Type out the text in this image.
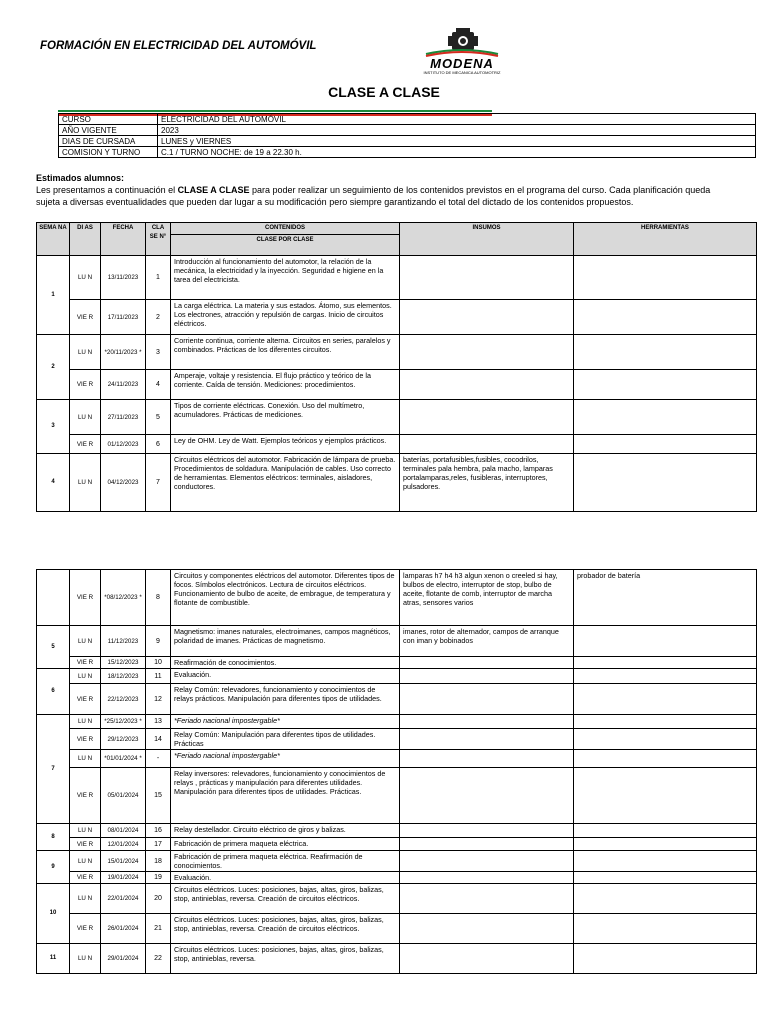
FORMACIÓN EN ELECTRICIDAD DEL AUTOMÓVIL
MODENA
INSTITUTO DE MECANICA AUTOMOTRIZ
CLASE A CLASE
CURSO	ELECTRICIDAD DEL AUTOMÓVIL
AÑO VIGENTE	2023
DIAS DE CURSADA	LUNES y VIERNES
COMISION Y TURNO	C.1 / TURNO NOCHE: de 19 a 22.30 h.
Estimados alumnos:
Les presentamos a continuación el CLASE A CLASE para poder realizar un seguimiento de los contenidos previstos en el programa del curso. Cada planificación queda sujeta a diversas eventualidades que pueden dar lugar a su modificación pero siempre garantizando el total del dictado de los contenidos propuestos.
SEMA NA	DI AS	FECHA	CLA SE N°	CONTENIDOS	INSUMOS	HERRAMIENTAS
				CLASE POR CLASE		
1	LU N	13/11/2023	1	Introducción al funcionamiento del automotor, la relación de la mecánica, la electricidad y la inyección. Seguridad e higiene en la tarea del electricista.		
	VIE R	17/11/2023	2	La carga eléctrica. La materia y sus estados. Átomo, sus elementos. Los electrones, atracción y repulsión de cargas. Inicio de circuitos eléctricos.		
2	LU N	*20/11/2023 *	3	Corriente continua, corriente alterna. Circuitos en series, paralelos y combinados. Prácticas de los diferentes circuitos.		
	VIE R	24/11/2023	4	Amperaje, voltaje y resistencia. El flujo práctico y teórico de la corriente. Caída de tensión. Mediciones: procedimientos.		
3	LU N	27/11/2023	5	Tipos de corriente eléctricas. Conexión. Uso del multímetro, acumuladores. Prácticas de mediciones.		
	VIE R	01/12/2023	6	Ley de OHM. Ley de Watt. Ejemplos teóricos y ejemplos prácticos.		
4	LU N	04/12/2023	7	Circuitos eléctricos del automotor. Fabricación de lámpara de prueba. Procedimientos de soldadura. Manipulación de cables. Uso correcto de herramientas. Elementos eléctricos: terminales, aisladores, conductores.	baterías, portafusibles,fusibles, cocodrilos, terminales pala hembra, pala macho, lamparas portalamparas,reles, fusibleras, interruptores, pulsadores.	
	VIE R	*08/12/2023 *	8	Circuitos y componentes eléctricos del automotor. Diferentes tipos de focos. Símbolos electrónicos. Lectura de circuitos eléctricos. Funcionamiento de bulbo de aceite, de embrague, de temperatura y flotante de combustible.	lamparas h7 h4 h3 algun xenon o creeled si hay, bulbos de electro, interruptor de stop, bulbo de aceite, flotante de comb, interruptor de marcha atras, sensores varios	probador de batería
5	LU N	11/12/2023	9	Magnetismo: imanes naturales, electroimanes, campos magnéticos, polaridad de imanes. Prácticas de magnetismo.	imanes, rotor de alternador, campos de arranque con iman y bobinados	
	VIE R	15/12/2023	10	Reafirmación de conocimientos.		
6	LU N	18/12/2023	11	Evaluación.		
	VIE R	22/12/2023	12	Relay Común: relevadores, funcionamiento y conocimientos de relays prácticos. Manipulación para diferentes tipos de utilidades.		
7	LU N	*25/12/2023 *	13	*Feriado nacional impostergable*		
	VIE R	29/12/2023	14	Relay Común: Manipulación para diferentes tipos de utilidades. Prácticas		
	LU N	*01/01/2024 *	-	*Feriado nacional impostergable*		
	VIE R	05/01/2024	15	Relay inversores: relevadores, funcionamiento y conocimientos de relays , prácticas y manipulación para diferentes utilidades. Manipulación para diferentes tipos de utilidades. Prácticas.		
8	LU N	08/01/2024	16	Relay destellador. Circuito eléctrico de giros y balizas.		
	VIE R	12/01/2024	17	Fabricación de primera maqueta eléctrica.		
9	LU N	15/01/2024	18	Fabricación de primera maqueta eléctrica. Reafirmación de conocimientos.		
	VIE R	19/01/2024	19	Evaluación.		
10	LU N	22/01/2024	20	Circuitos eléctricos. Luces: posiciones, bajas, altas, giros, balizas, stop, antinieblas, reversa. Creación de circuitos eléctricos.		
	VIE R	26/01/2024	21	Circuitos eléctricos. Luces: posiciones, bajas, altas, giros, balizas, stop, antinieblas, reversa. Creación de circuitos eléctricos.		
11	LU N	29/01/2024	22	Circuitos eléctricos. Luces: posiciones, bajas, altas, giros, balizas, stop, antinieblas, reversa.		
